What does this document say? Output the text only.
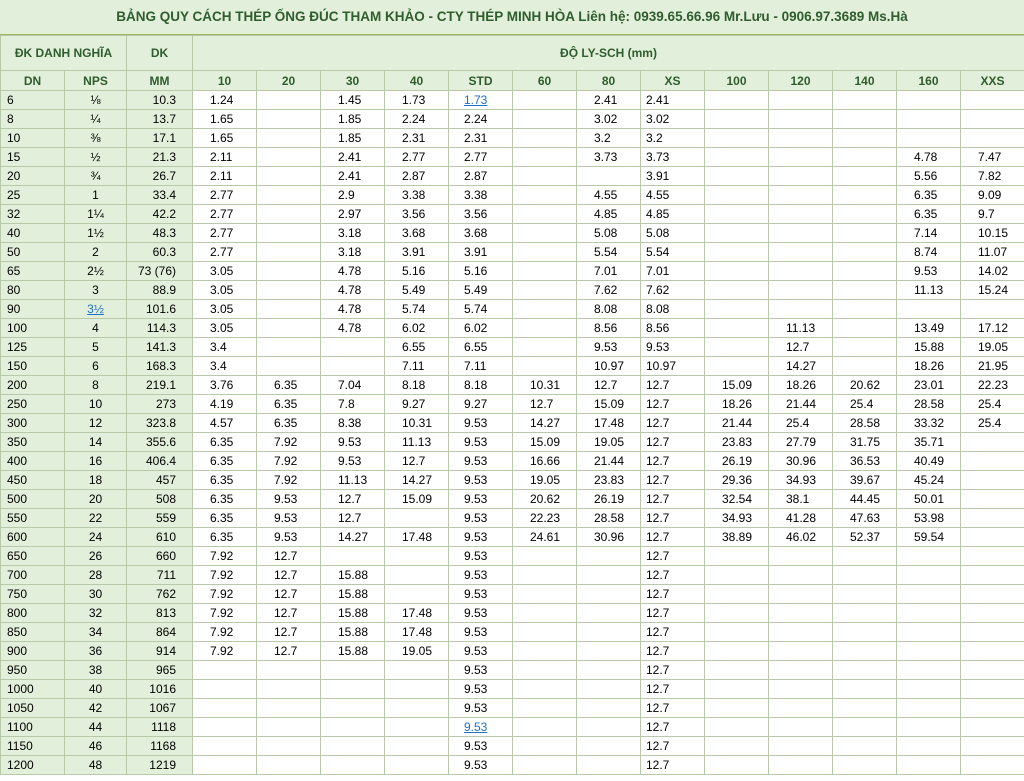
BẢNG QUY CÁCH THÉP ỐNG ĐÚC THAM KHẢO - CTY THÉP MINH HÒA Liên hệ: 0939.65.66.96 Mr.Lưu - 0906.97.3689 Ms.Hà
ĐK DANH NGHĨA		DK	ĐỘ LY-SCH (mm)												
DN	NPS	MM	10	20	30	40	STD	60	80	XS	100	120	140	160	XXS
6	⅛	10.3	1.24		1.45	1.73	1.73		2.41	2.41					
8	¼	13.7	1.65		1.85	2.24	2.24		3.02	3.02					
10	⅜	17.1	1.65		1.85	2.31	2.31		3.2	3.2					
15	½	21.3	2.11		2.41	2.77	2.77		3.73	3.73				4.78	7.47
20	¾	26.7	2.11		2.41	2.87	2.87			3.91				5.56	7.82
25	1	33.4	2.77		2.9	3.38	3.38		4.55	4.55				6.35	9.09
32	1¼	42.2	2.77		2.97	3.56	3.56		4.85	4.85				6.35	9.7
40	1½	48.3	2.77		3.18	3.68	3.68		5.08	5.08				7.14	10.15
50	2	60.3	2.77		3.18	3.91	3.91		5.54	5.54				8.74	11.07
65	2½	73 (76)	3.05		4.78	5.16	5.16		7.01	7.01				9.53	14.02
80	3	88.9	3.05		4.78	5.49	5.49		7.62	7.62				11.13	15.24
90	3½	101.6	3.05		4.78	5.74	5.74		8.08	8.08					
100	4	114.3	3.05		4.78	6.02	6.02		8.56	8.56		11.13		13.49	17.12
125	5	141.3	3.4			6.55	6.55		9.53	9.53		12.7		15.88	19.05
150	6	168.3	3.4			7.11	7.11		10.97	10.97		14.27		18.26	21.95
200	8	219.1	3.76	6.35	7.04	8.18	8.18	10.31	12.7	12.7	15.09	18.26	20.62	23.01	22.23
250	10	273	4.19	6.35	7.8	9.27	9.27	12.7	15.09	12.7	18.26	21.44	25.4	28.58	25.4
300	12	323.8	4.57	6.35	8.38	10.31	9.53	14.27	17.48	12.7	21.44	25.4	28.58	33.32	25.4
350	14	355.6	6.35	7.92	9.53	11.13	9.53	15.09	19.05	12.7	23.83	27.79	31.75	35.71	
400	16	406.4	6.35	7.92	9.53	12.7	9.53	16.66	21.44	12.7	26.19	30.96	36.53	40.49	
450	18	457	6.35	7.92	11.13	14.27	9.53	19.05	23.83	12.7	29.36	34.93	39.67	45.24	
500	20	508	6.35	9.53	12.7	15.09	9.53	20.62	26.19	12.7	32.54	38.1	44.45	50.01	
550	22	559	6.35	9.53	12.7		9.53	22.23	28.58	12.7	34.93	41.28	47.63	53.98	
600	24	610	6.35	9.53	14.27	17.48	9.53	24.61	30.96	12.7	38.89	46.02	52.37	59.54	
650	26	660	7.92	12.7			9.53			12.7					
700	28	711	7.92	12.7	15.88		9.53			12.7					
750	30	762	7.92	12.7	15.88		9.53			12.7					
800	32	813	7.92	12.7	15.88	17.48	9.53			12.7					
850	34	864	7.92	12.7	15.88	17.48	9.53			12.7					
900	36	914	7.92	12.7	15.88	19.05	9.53			12.7					
950	38	965					9.53			12.7					
1000	40	1016					9.53			12.7					
1050	42	1067					9.53			12.7					
1100	44	1118					9.53			12.7					
1150	46	1168					9.53			12.7					
1200	48	1219					9.53			12.7					
